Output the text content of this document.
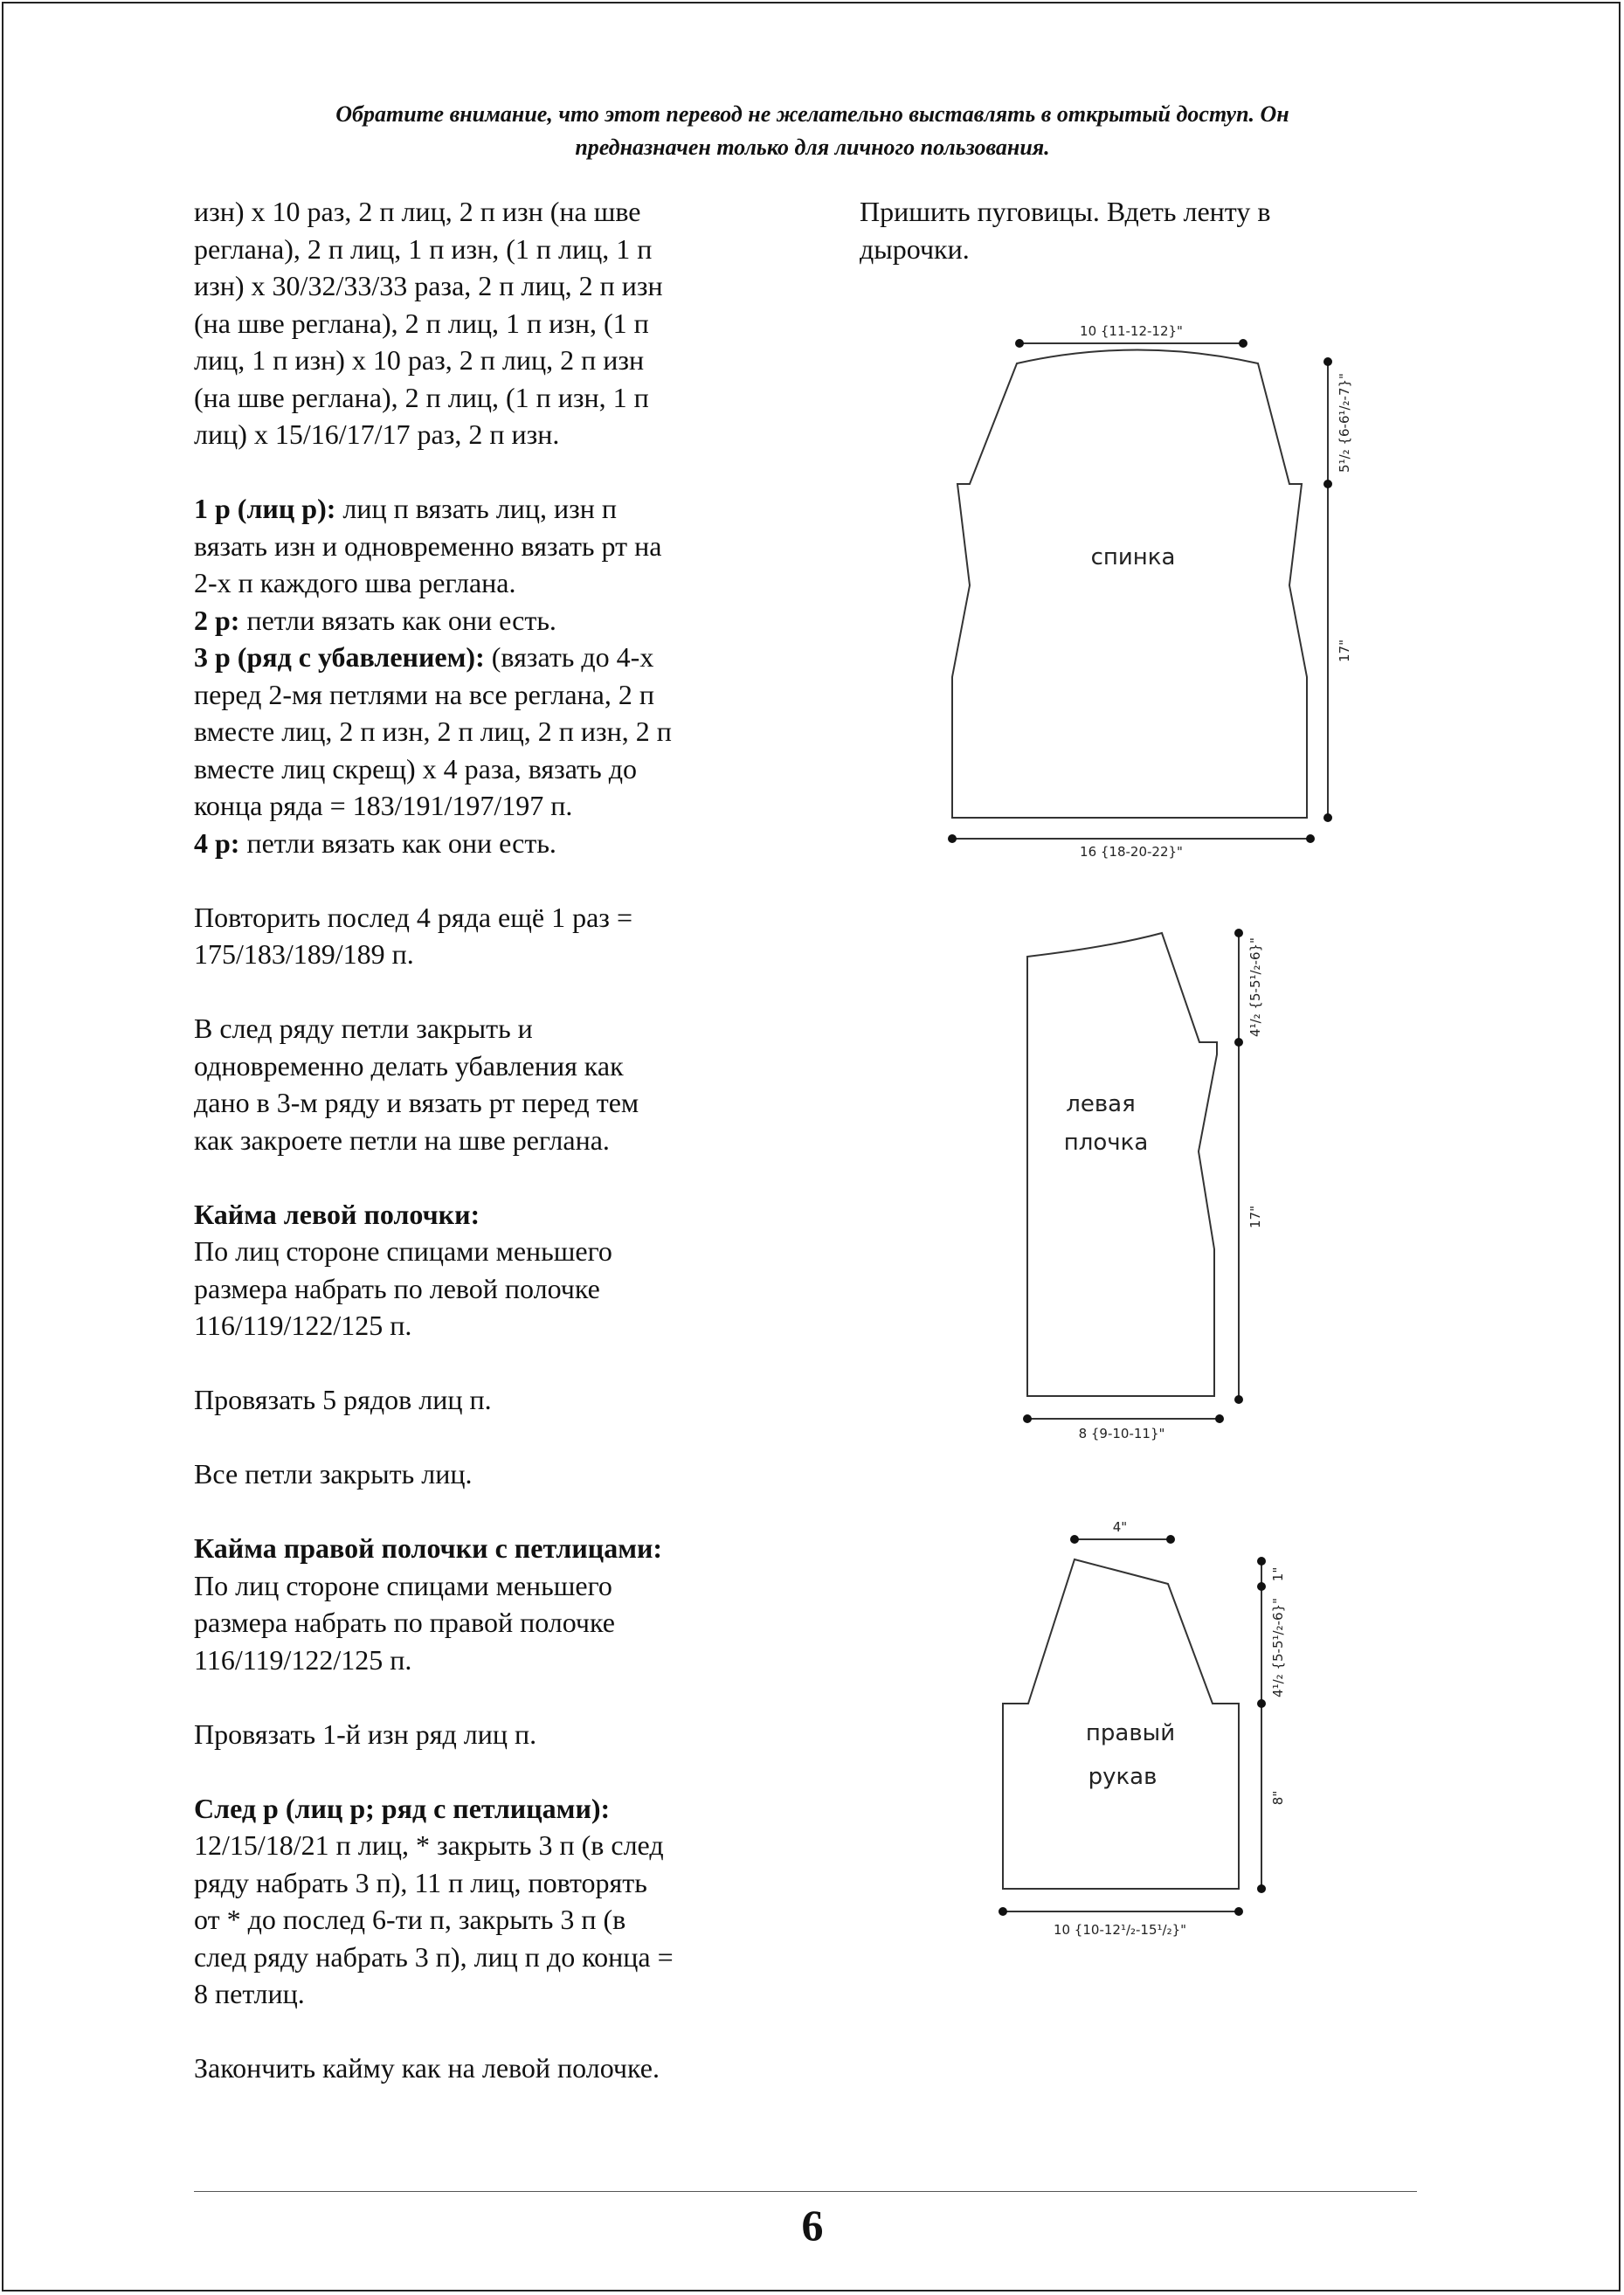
Обратите внимание, что этот перевод не желательно выставлять в открытый доступ. Он
предназначен только для личного пользования.

изн) х 10 раз, 2 п лиц, 2 п изн (на шве
реглана), 2 п лиц, 1 п изн, (1 п лиц, 1 п
изн) х 30/32/33/33 раза, 2 п лиц, 2 п изн
(на шве реглана), 2 п лиц, 1 п изн, (1 п
лиц, 1 п изн) х 10 раз, 2 п лиц, 2 п изн
(на шве реглана), 2 п лиц, (1 п изн, 1 п
лиц) х 15/16/17/17 раз, 2 п изн.

1 р (лиц р): лиц п вязать лиц, изн п
вязать изн и одновременно вязать рт на
2-х п каждого шва реглана.
2 р: петли вязать как они есть.
3 р (ряд с убавлением): (вязать до 4-х
перед 2-мя петлями на все реглана, 2 п
вместе лиц, 2 п изн, 2 п лиц, 2 п изн, 2 п
вместе лиц скрещ) х 4 раза, вязать до
конца ряда = 183/191/197/197 п.
4 р: петли вязать как они есть.

Повторить послед 4 ряда ещё 1 раз =
175/183/189/189 п.

В след ряду петли закрыть и
одновременно делать убавления как
дано в 3-м ряду и вязать рт перед тем
как закроете петли на шве реглана.

Кайма левой полочки:
По лиц стороне спицами меньшего
размера набрать по левой полочке
116/119/122/125 п.

Провязать 5 рядов лиц п.

Все петли закрыть лиц.

Кайма правой полочки с петлицами:
По лиц стороне спицами меньшего
размера набрать по правой полочке
116/119/122/125 п.

Провязать 1-й изн ряд лиц п.

След р (лиц р; ряд с петлицами):
12/15/18/21 п лиц, * закрыть 3 п (в след
ряду набрать 3 п), 11 п лиц, повторять
от * до послед 6-ти п, закрыть 3 п (в
след ряду набрать 3 п), лиц п до конца =
8 петлиц.

Закончить кайму как на левой полочке.

Пришить пуговицы. Вдеть ленту в
дырочки.
спинка
10 {11-12-12}"
16 {18-20-22}"
5¹/₂ {6-6¹/₂-7}"
17"
левая
плочка
8 {9-10-11}"
4¹/₂ {5-5¹/₂-6}"
17"
правый
рукав
4"
10 {10-12¹/₂-15¹/₂}"
1"
4¹/₂ {5-5¹/₂-6}"
8"
6
